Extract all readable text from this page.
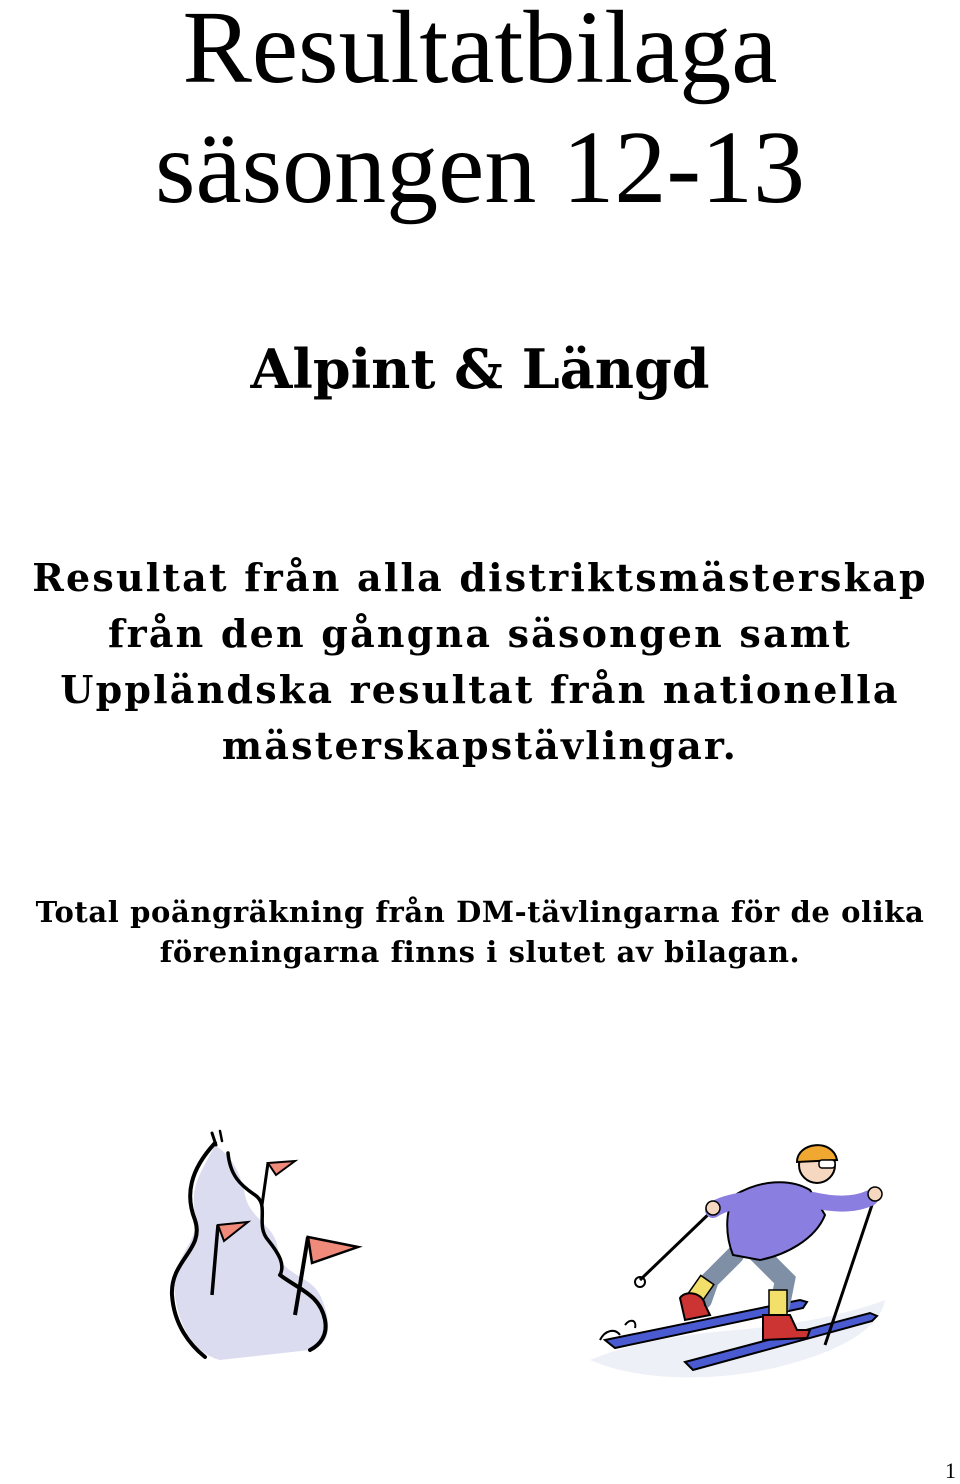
Resultatbilaga
säsongen 12-13
Alpint & Längd
Resultat från alla distriktsmästerskap
från den gångna säsongen samt
Uppländska resultat från nationella
mästerskapstävlingar.
Total poängräkning från DM-tävlingarna för de olika
föreningarna finns i slutet av bilagan.
1
